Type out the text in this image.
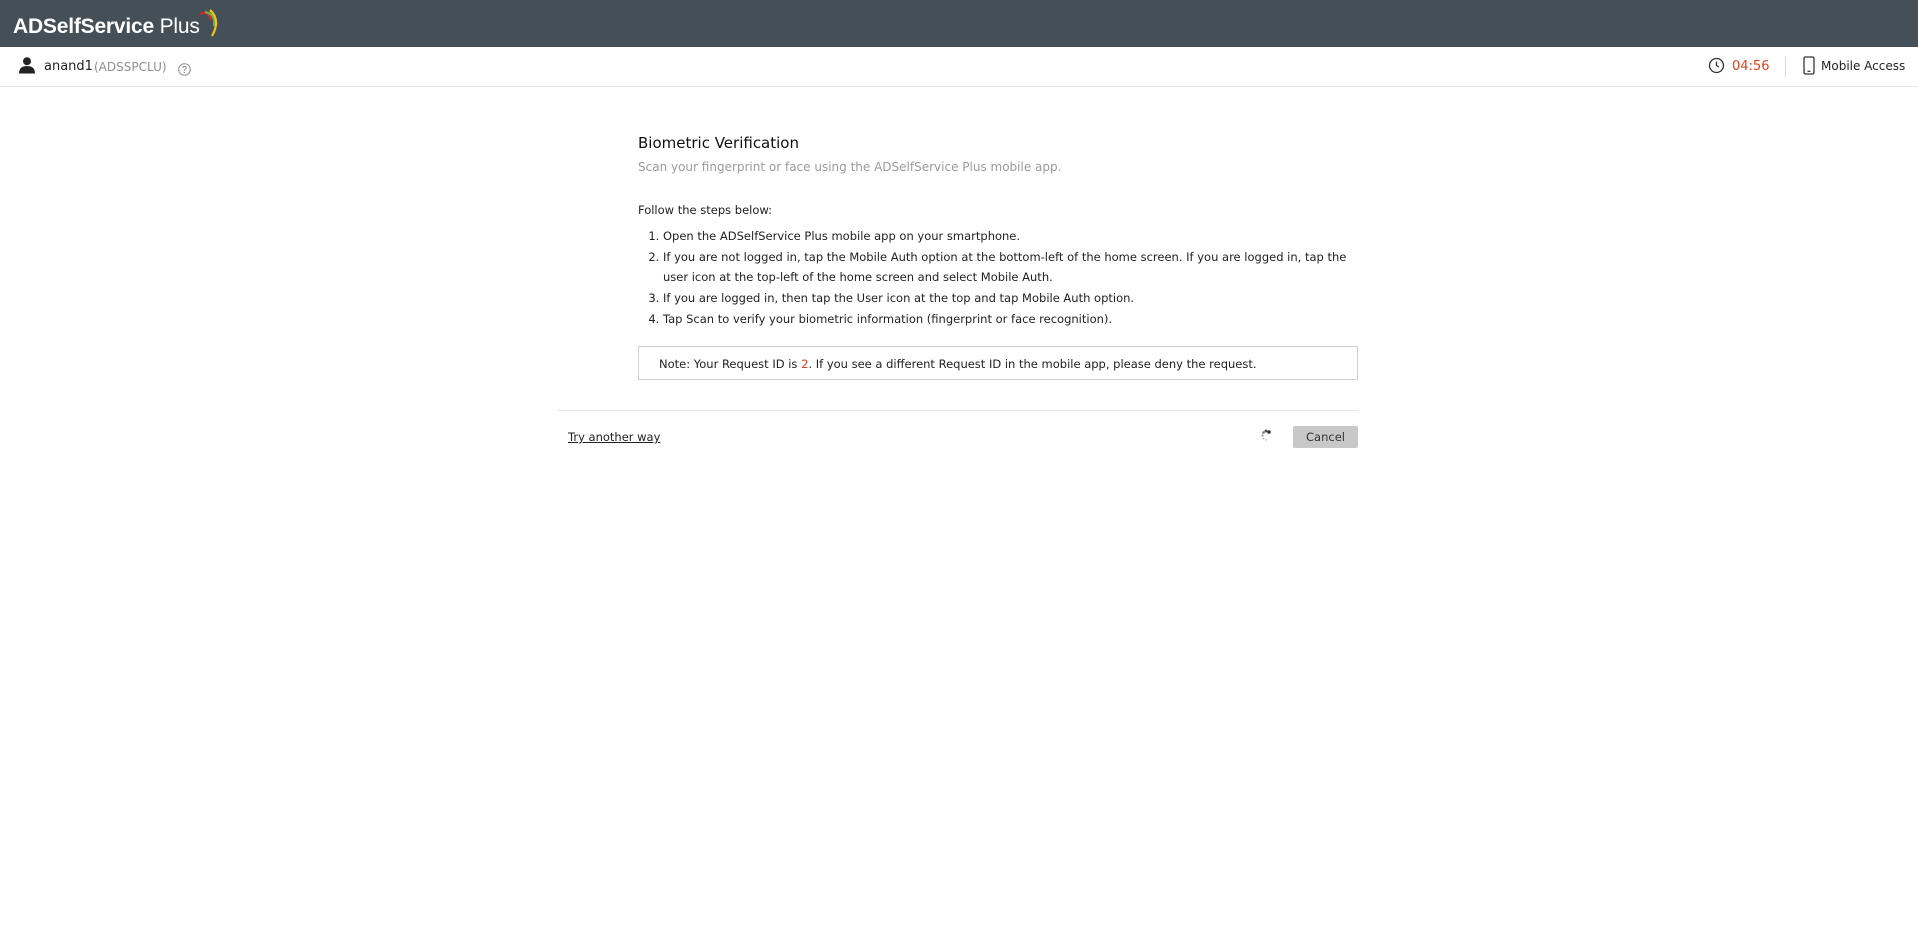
ADSelfService Plus
anand1 (ADSSPCLU)	04:56	Mobile Access
Biometric Verification
Scan your fingerprint or face using the ADSelfService Plus mobile app.
Follow the steps below:
1. Open the ADSelfService Plus mobile app on your smartphone.
2. If you are not logged in, tap the Mobile Auth option at the bottom-left of the home screen. If you are logged in, tap the user icon at the top-left of the home screen and select Mobile Auth.
3. If you are logged in, then tap the User icon at the top and tap Mobile Auth option.
4. Tap Scan to verify your biometric information (fingerprint or face recognition).
Note: Your Request ID is 2. If you see a different Request ID in the mobile app, please deny the request.
Try another way	Cancel
